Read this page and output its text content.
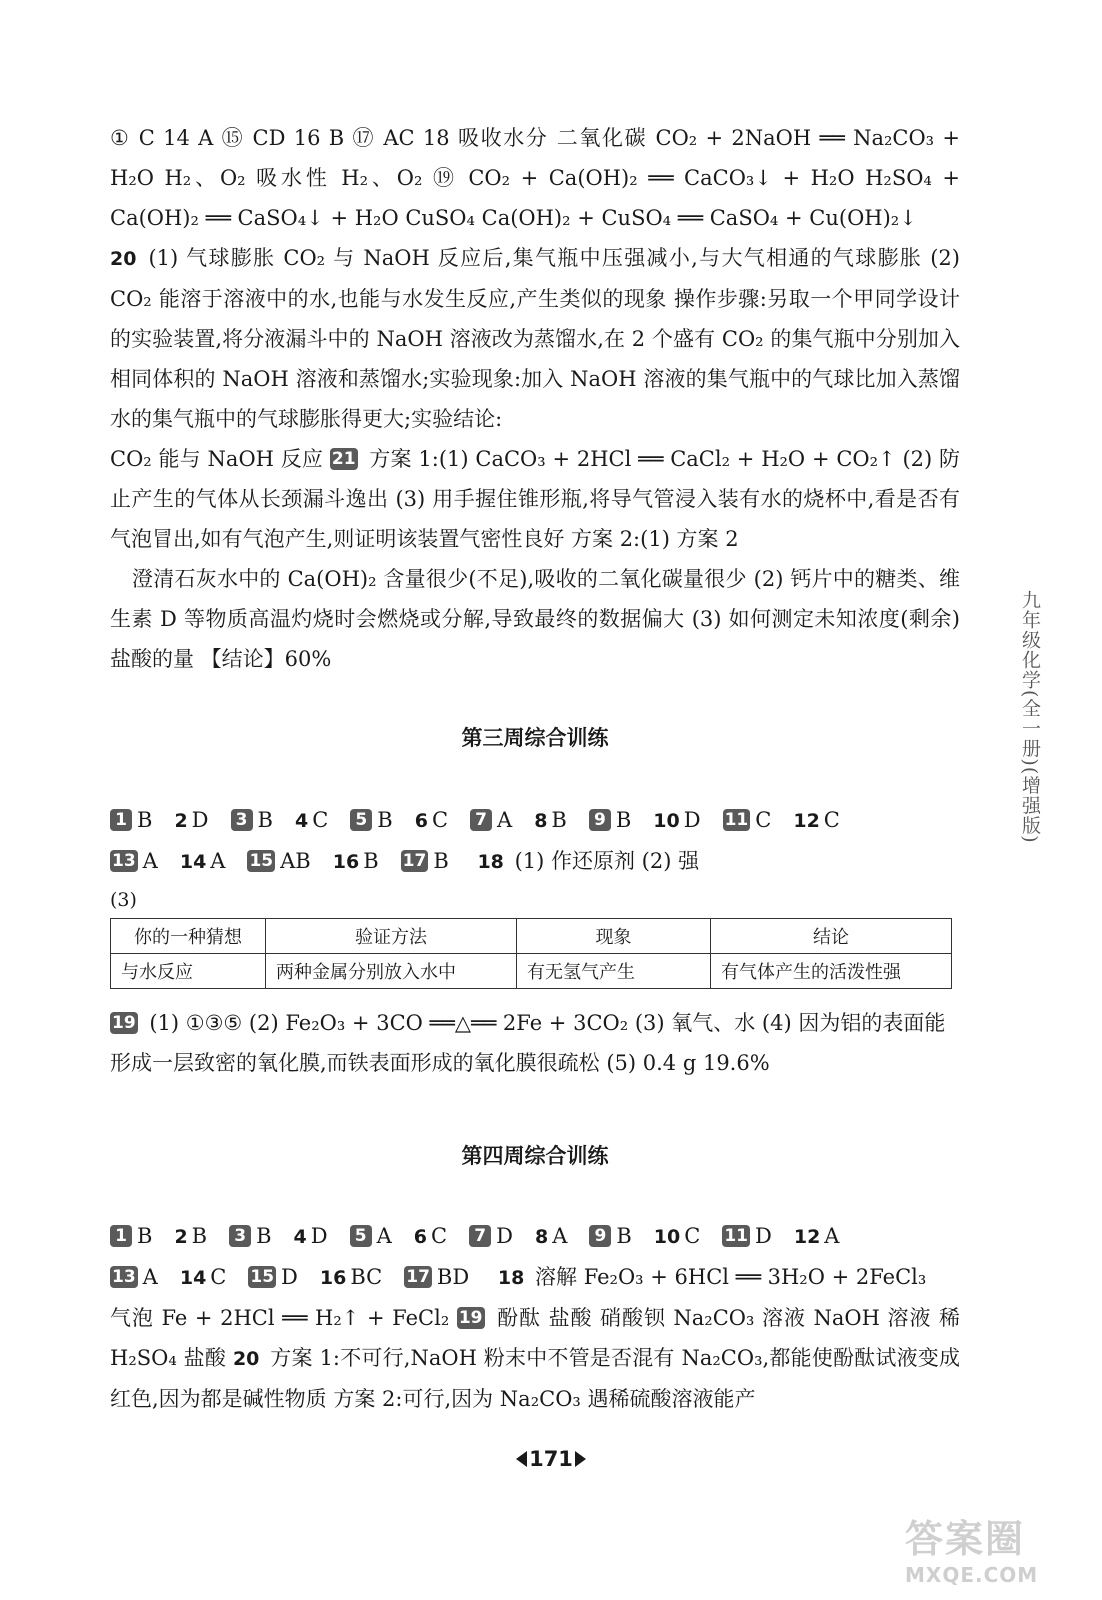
① C 14 A ⑮ CD 16 B ⑰ AC 18 吸收水分 二氧化碳 CO₂ + 2NaOH ══ Na₂CO₃ + H₂O H₂、O₂ 吸水性 H₂、O₂ ⑲ CO₂ + Ca(OH)₂ ══ CaCO₃↓ + H₂O H₂SO₄ + Ca(OH)₂ ══ CaSO₄↓ + H₂O CuSO₄ Ca(OH)₂ + CuSO₄ ══ CaSO₄ + Cu(OH)₂↓

20 (1) 气球膨胀 CO₂ 与 NaOH 反应后,集气瓶中压强减小,与大气相通的气球膨胀 (2) CO₂ 能溶于溶液中的水,也能与水发生反应,产生类似的现象 操作步骤:另取一个甲同学设计的实验装置,将分液漏斗中的 NaOH 溶液改为蒸馏水,在 2 个盛有 CO₂ 的集气瓶中分别加入相同体积的 NaOH 溶液和蒸馏水;实验现象:加入 NaOH 溶液的集气瓶中的气球比加入蒸馏水的集气瓶中的气球膨胀得更大;实验结论:

CO₂ 能与 NaOH 反应 21 方案 1:(1) CaCO₃ + 2HCl ══ CaCl₂ + H₂O + CO₂↑ (2) 防止产生的气体从长颈漏斗逸出 (3) 用手握住锥形瓶,将导气管浸入装有水的烧杯中,看是否有气泡冒出,如有气泡产生,则证明该装置气密性良好 方案 2:(1) 方案 2

澄清石灰水中的 Ca(OH)₂ 含量很少(不足),吸收的二氧化碳量很少 (2) 钙片中的糖类、维生素 D 等物质高温灼烧时会燃烧或分解,导致最终的数据偏大 (3) 如何测定未知浓度(剩余)盐酸的量 【结论】60%

第三周综合训练

1 B 2 D 3 B 4 C 5 B 6 C 7 A 8 B 9 B 10 D 11 C 12 C

13 A 14 A 15 AB 16 B 17 B 18 (1) 作还原剂 (2) 强

(3)
你的一种猜想	验证方法	现象	结论
与水反应	两种金属分别放入水中	有无氢气产生	有气体产生的活泼性强

19 (1) ①③⑤ (2) Fe₂O₃ + 3CO ══△══ 2Fe + 3CO₂ (3) 氧气、水 (4) 因为铝的表面能

形成一层致密的氧化膜,而铁表面形成的氧化膜很疏松 (5) 0.4 g 19.6%

第四周综合训练

1 B 2 B 3 B 4 D 5 A 6 C 7 D 8 A 9 B 10 C 11 D 12 A

13 A 14 C 15 D 16 BC 17 BD 18 溶解 Fe₂O₃ + 6HCl ══ 3H₂O + 2FeCl₃

气泡 Fe + 2HCl ══ H₂↑ + FeCl₂ 19 酚酞 盐酸 硝酸钡 Na₂CO₃ 溶液 NaOH 溶液 稀 H₂SO₄ 盐酸 20 方案 1:不可行,NaOH 粉末中不管是否混有 Na₂CO₃,都能使酚酞试液变成红色,因为都是碱性物质 方案 2:可行,因为 Na₂CO₃ 遇稀硫酸溶液能产

九年级化学(全一册)(增强版)
171
答案圈
MXQE.COM
